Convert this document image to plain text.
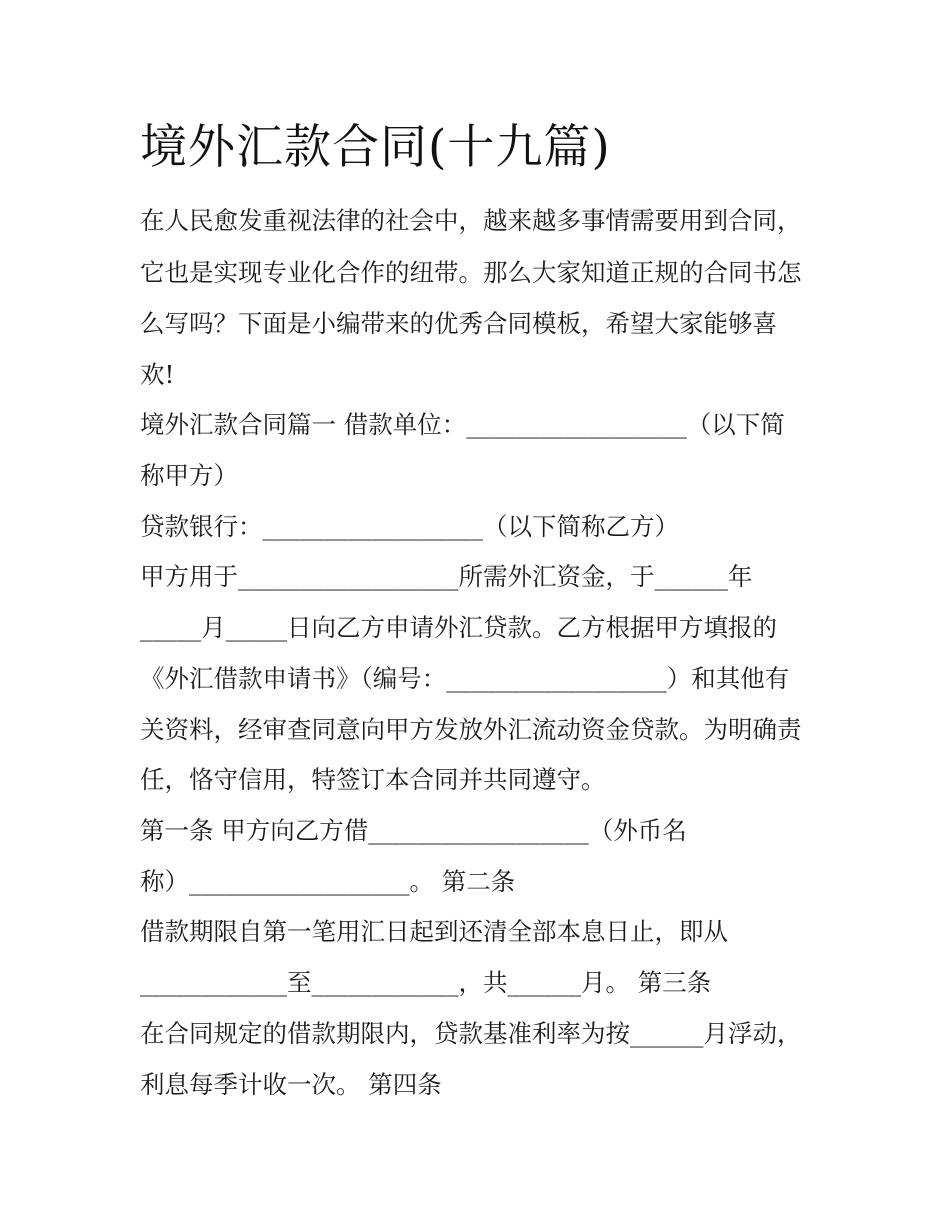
境外汇款合同(十九篇)
在人民愈发重视法律的社会中，越来越多事情需要用到合同，
它也是实现专业化合作的纽带。那么大家知道正规的合同书怎
么写吗？下面是小编带来的优秀合同模板，希望大家能够喜
欢!
境外汇款合同篇一 借款单位：__________________（以下简
称甲方）
贷款银行：__________________（以下简称乙方）
甲方用于__________________所需外汇资金，于______年
_____月_____日向乙方申请外汇贷款。乙方根据甲方填报的
《外汇借款申请书》（编号：__________________）和其他有
关资料，经审查同意向甲方发放外汇流动资金贷款。为明确责
任，恪守信用，特签订本合同并共同遵守。
第一条 甲方向乙方借__________________（外币名
称）__________________。 第二条
借款期限自第一笔用汇日起到还清全部本息日止，即从
____________至____________，共______月。 第三条
在合同规定的借款期限内，贷款基准利率为按______月浮动，
利息每季计收一次。 第四条
